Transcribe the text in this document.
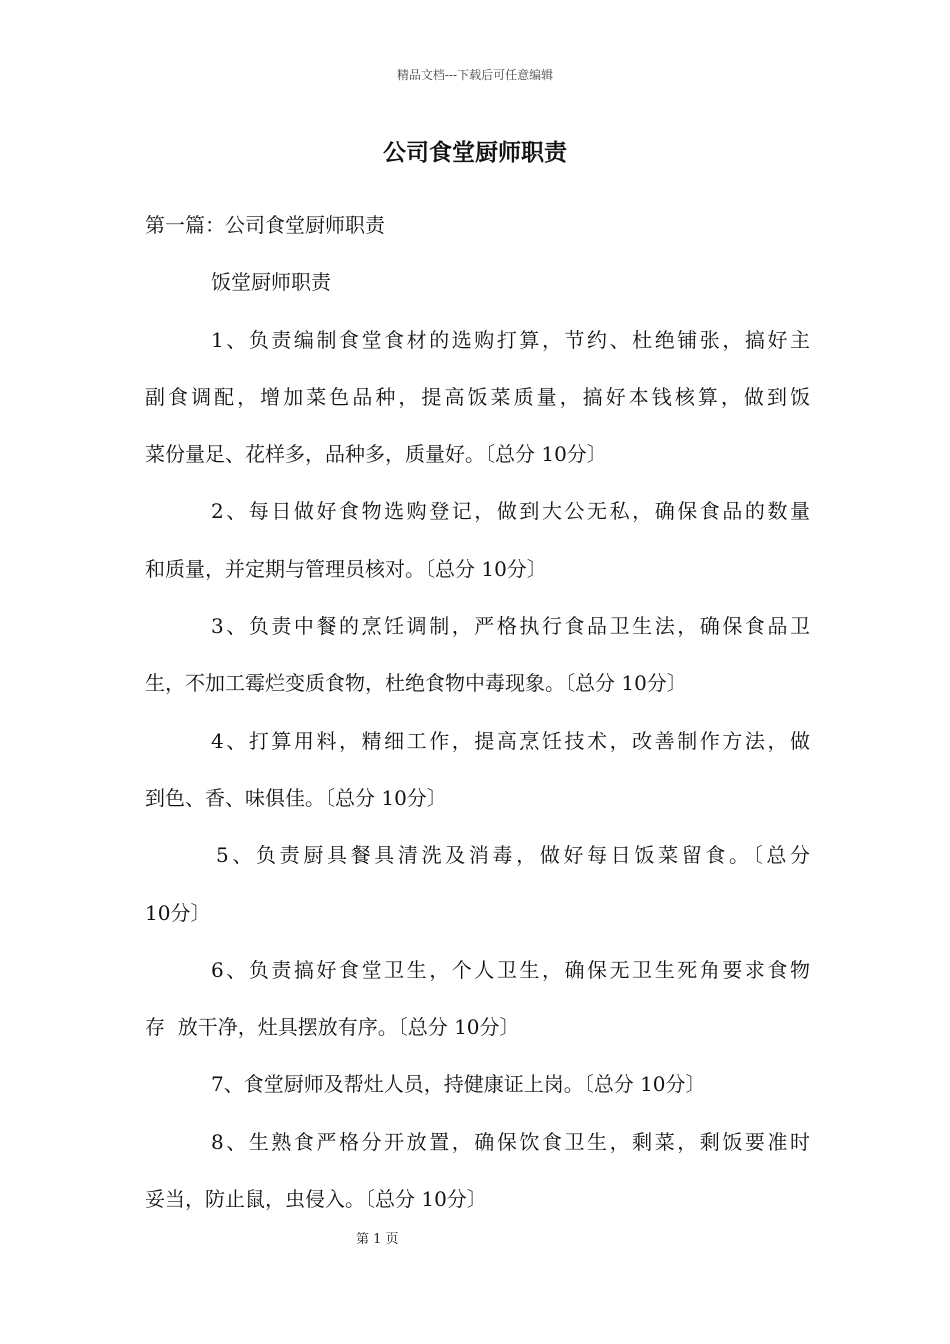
精品文档---下载后可任意编辑
公司食堂厨师职责

第一篇：公司食堂厨师职责

饭堂厨师职责

1、负责编制食堂食材的选购打算，节约、杜绝铺张，搞好主

副食调配，增加菜色品种，提高饭菜质量，搞好本钱核算，做到饭

菜份量足、花样多，品种多，质量好。〔总分 10分〕

2、每日做好食物选购登记，做到大公无私，确保食品的数量

和质量，并定期与管理员核对。〔总分 10分〕

3、负责中餐的烹饪调制，严格执行食品卫生法，确保食品卫

生，不加工霉烂变质食物，杜绝食物中毒现象。〔总分 10分〕

4、打算用料，精细工作，提高烹饪技术，改善制作方法，做

到色、香、味俱佳。〔总分 10分〕

5、负责厨具餐具清洗及消毒，做好每日饭菜留食。〔总分

10分〕

6、负责搞好食堂卫生，个人卫生，确保无卫生死角要求食物

存  放干净，灶具摆放有序。〔总分 10分〕

7、食堂厨师及帮灶人员，持健康证上岗。〔总分 10分〕

8、生熟食严格分开放置，确保饮食卫生，剩菜，剩饭要准时

妥当，防止鼠，虫侵入。〔总分 10分〕

第 1 页
